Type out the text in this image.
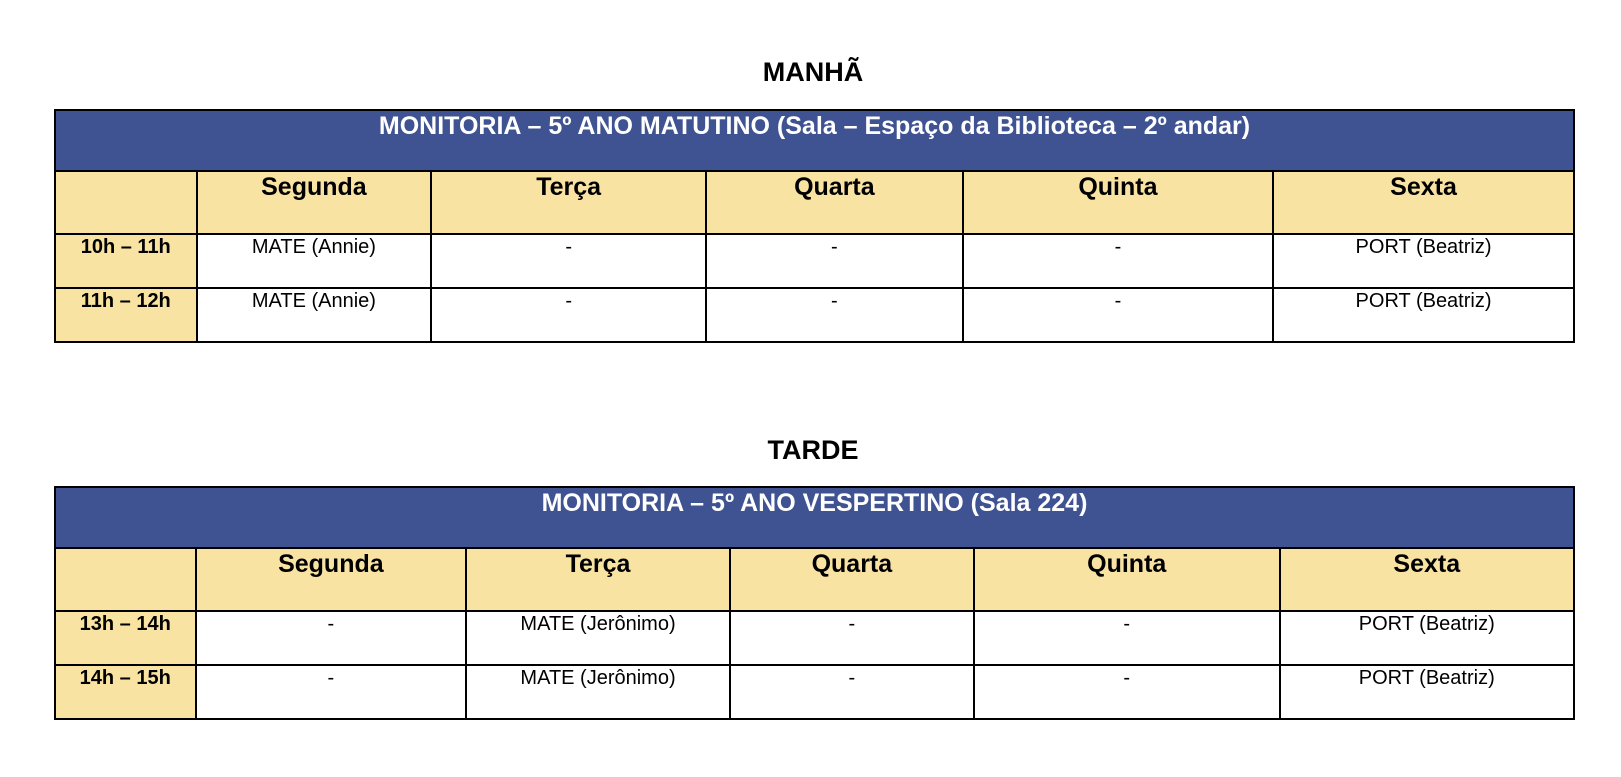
MANHÃ
MONITORIA – 5º ANO MATUTINO (Sala – Espaço da Biblioteca – 2º andar)					
	Segunda	Terça	Quarta	Quinta	Sexta
10h – 11h	MATE (Annie)	-	-	-	PORT (Beatriz)
11h – 12h	MATE (Annie)	-	-	-	PORT (Beatriz)
TARDE
MONITORIA – 5º ANO VESPERTINO (Sala 224)					
	Segunda	Terça	Quarta	Quinta	Sexta
13h – 14h	-	MATE (Jerônimo)	-	-	PORT (Beatriz)
14h – 15h	-	MATE (Jerônimo)	-	-	PORT (Beatriz)
